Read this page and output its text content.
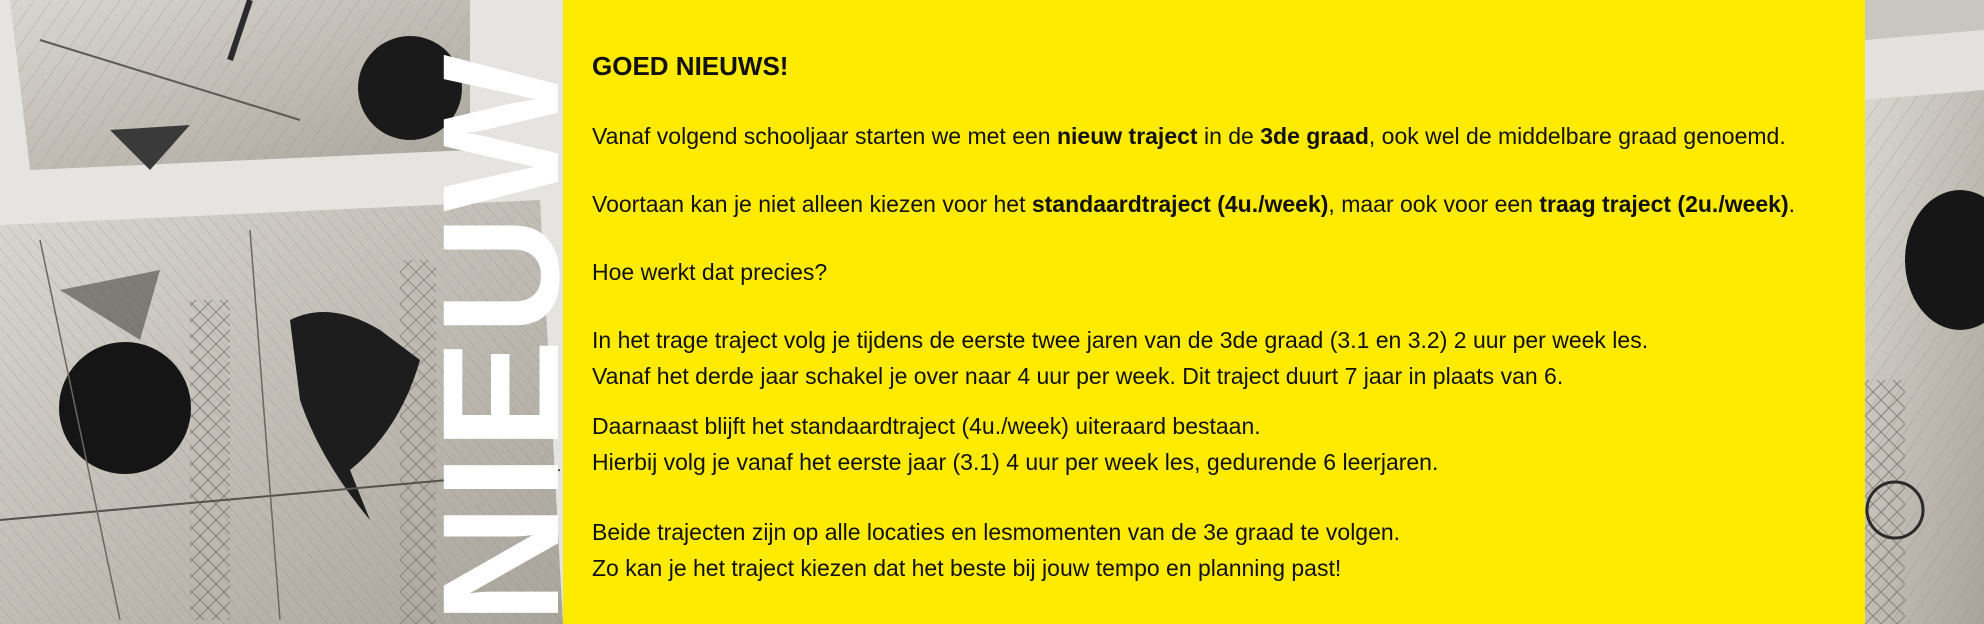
NIEUW

GOED NIEUWS!

Vanaf volgend schooljaar starten we met een nieuw traject in de 3de graad, ook wel de middelbare graad genoemd.

Voortaan kan je niet alleen kiezen voor het standaardtraject (4u./week), maar ook voor een traag traject (2u./week).

Hoe werkt dat precies?

In het trage traject volg je tijdens de eerste twee jaren van de 3de graad (3.1 en 3.2) 2 uur per week les.

Vanaf het derde jaar schakel je over naar 4 uur per week. Dit traject duurt 7 jaar in plaats van 6.

Daarnaast blijft het standaardtraject (4u./week) uiteraard bestaan.

Hierbij volg je vanaf het eerste jaar (3.1) 4 uur per week les, gedurende 6 leerjaren.

Beide trajecten zijn op alle locaties en lesmomenten van de 3e graad te volgen.

Zo kan je het traject kiezen dat het beste bij jouw tempo en planning past!
